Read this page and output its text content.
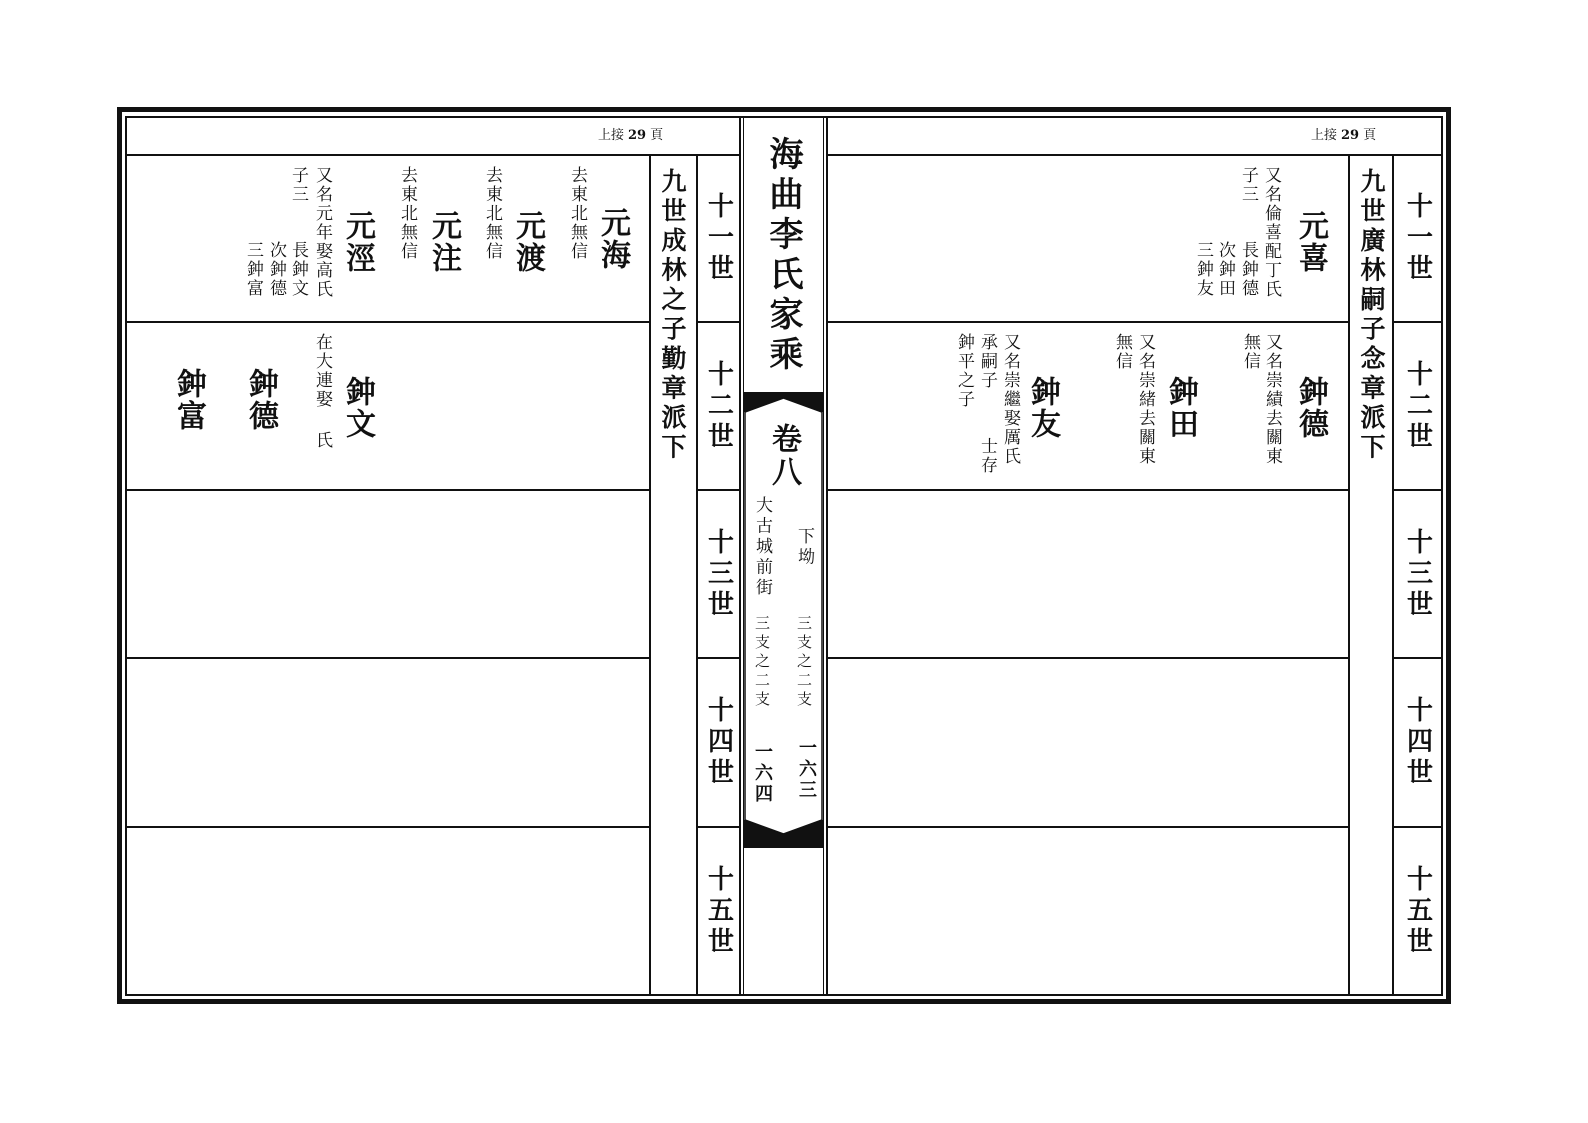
上接 29 頁
九世成林之子勤章派下 十一世
十二世
十三世
十四世
十五世
元海
去東北無信
元渡
去東北無信
元注
去東北無信
元涇
又名元年娶高氏
子三
長鈡文
次鈡德
三鈡富
鈡文
在大連娶 氏
鈡德
鈡富
海曲李氏家乘
卷八
下坳
大古城前街
三支之二支
三支之二支
一六三
一六四
上接 29 頁
九世廣林嗣子念章派下 十一世
十二世
十三世
十四世
十五世
元喜
又名倫喜配丁氏
子三
長鈡德
次鈡田
三鈡友
鈡德
又名崇績去關東
無信
鈡田
又名崇緒去關東
無信
鈡友
又名崇繼娶厲氏
承嗣子
士存
鈡平之子
